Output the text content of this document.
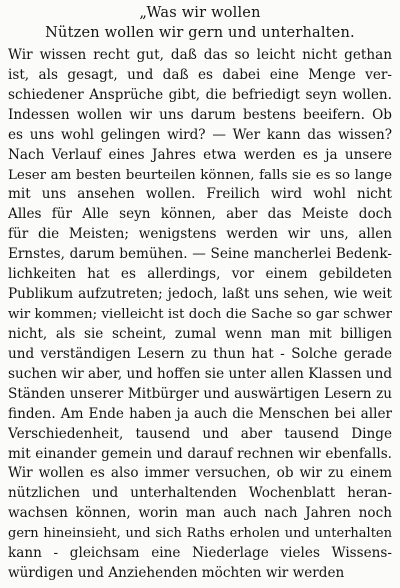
„Was wir wollen
Nützen wollen wir gern und unterhalten.
Wir wissen recht gut, daß das so leicht nicht gethan
ist, als gesagt, und daß es dabei eine Menge ver-
schiedener Ansprüche gibt, die befriedigt seyn wollen.
Indessen wollen wir uns darum bestens beeifern. Ob
es uns wohl gelingen wird? — Wer kann das wissen?
Nach Verlauf eines Jahres etwa werden es ja unsere
Leser am besten beurteilen können, falls sie es so lange
mit uns ansehen wollen. Freilich wird wohl nicht
Alles für Alle seyn können, aber das Meiste doch
für die Meisten; wenigstens werden wir uns, allen
Ernstes, darum bemühen. — Seine mancherlei Bedenk-
lichkeiten hat es allerdings, vor einem gebildeten
Publikum aufzutreten; jedoch, laßt uns sehen, wie weit
wir kommen; vielleicht ist doch die Sache so gar schwer
nicht, als sie scheint, zumal wenn man mit billigen
und verständigen Lesern zu thun hat - Solche gerade
suchen wir aber, und hoffen sie unter allen Klassen und
Ständen unserer Mitbürger und auswärtigen Lesern zu
finden. Am Ende haben ja auch die Menschen bei aller
Verschiedenheit, tausend und aber tausend Dinge
mit einander gemein und darauf rechnen wir ebenfalls.
Wir wollen es also immer versuchen, ob wir zu einem
nützlichen und unterhaltenden Wochenblatt heran-
wachsen können, worin man auch nach Jahren noch
gern hineinsieht, und sich Raths erholen und unterhalten
kann - gleichsam eine Niederlage vieles Wissens-
würdigen und Anziehenden möchten wir werden
